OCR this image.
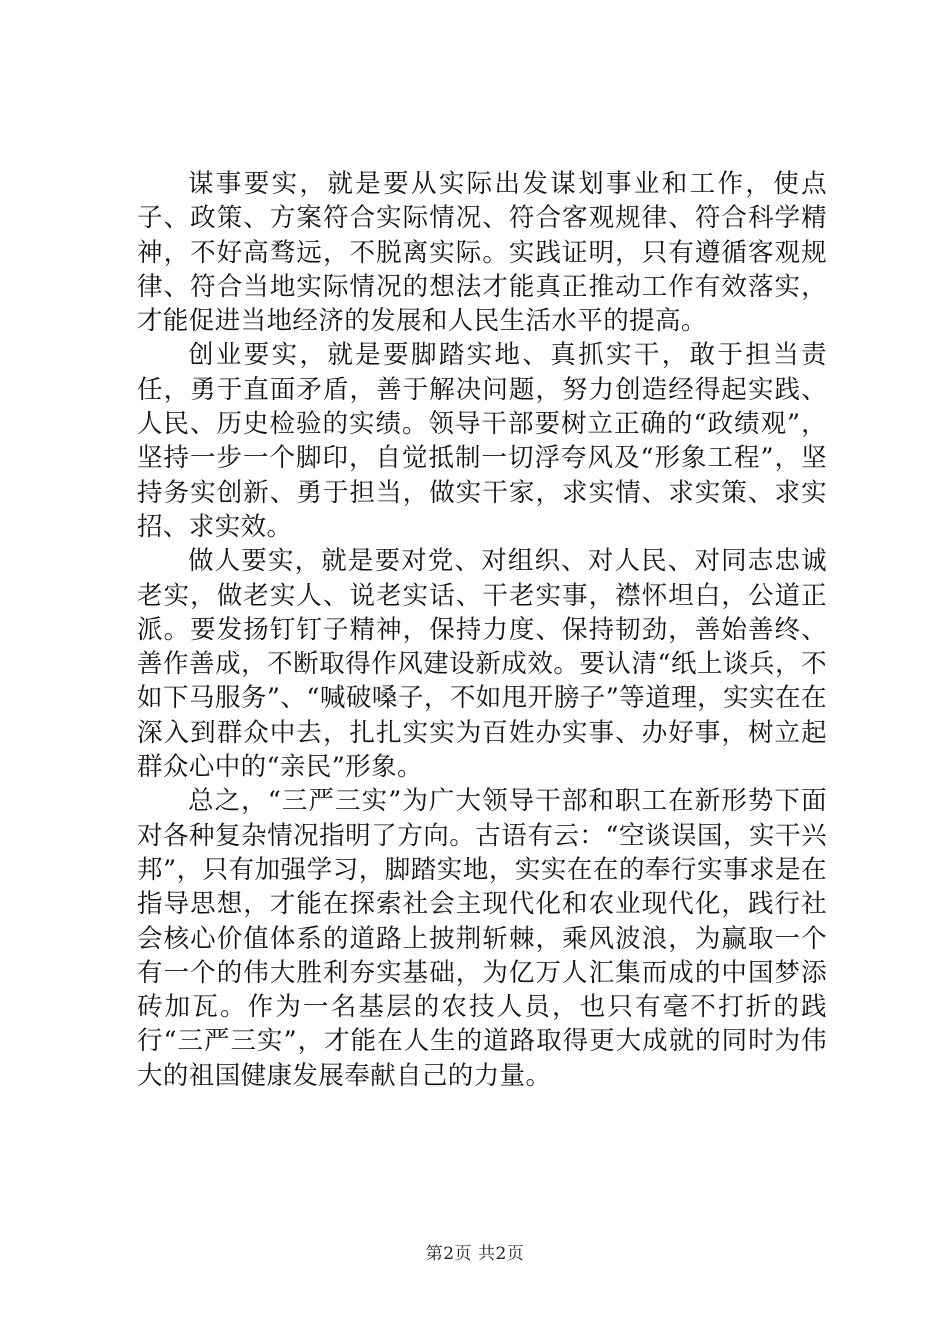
谋事要实，就是要从实际出发谋划事业和工作，使点子、政策、方案符合实际情况、符合客观规律、符合科学精神，不好高骛远，不脱离实际。实践证明，只有遵循客观规律、符合当地实际情况的想法才能真正推动工作有效落实，才能促进当地经济的发展和人民生活水平的提高。

创业要实，就是要脚踏实地、真抓实干，敢于担当责任，勇于直面矛盾，善于解决问题，努力创造经得起实践、人民、历史检验的实绩。领导干部要树立正确的“政绩观”，坚持一步一个脚印，自觉抵制一切浮夸风及“形象工程”，坚持务实创新、勇于担当，做实干家，求实情、求实策、求实招、求实效。

做人要实，就是要对党、对组织、对人民、对同志忠诚老实，做老实人、说老实话、干老实事，襟怀坦白，公道正派。要发扬钉钉子精神，保持力度、保持韧劲，善始善终、善作善成，不断取得作风建设新成效。要认清“纸上谈兵，不如下马服务”、“喊破嗓子，不如甩开膀子”等道理，实实在在深入到群众中去，扎扎实实为百姓办实事、办好事，树立起群众心中的“亲民”形象。

总之，“三严三实”为广大领导干部和职工在新形势下面对各种复杂情况指明了方向。古语有云：“空谈误国，实干兴邦”，只有加强学习，脚踏实地，实实在在的奉行实事求是在指导思想，才能在探索社会主现代化和农业现代化，践行社会核心价值体系的道路上披荆斩棘，乘风波浪，为赢取一个有一个的伟大胜利夯实基础，为亿万人汇集而成的中国梦添砖加瓦。作为一名基层的农技人员，也只有毫不打折的践行“三严三实”，才能在人生的道路取得更大成就的同时为伟大的祖国健康发展奉献自己的力量。

第2页 共2页
